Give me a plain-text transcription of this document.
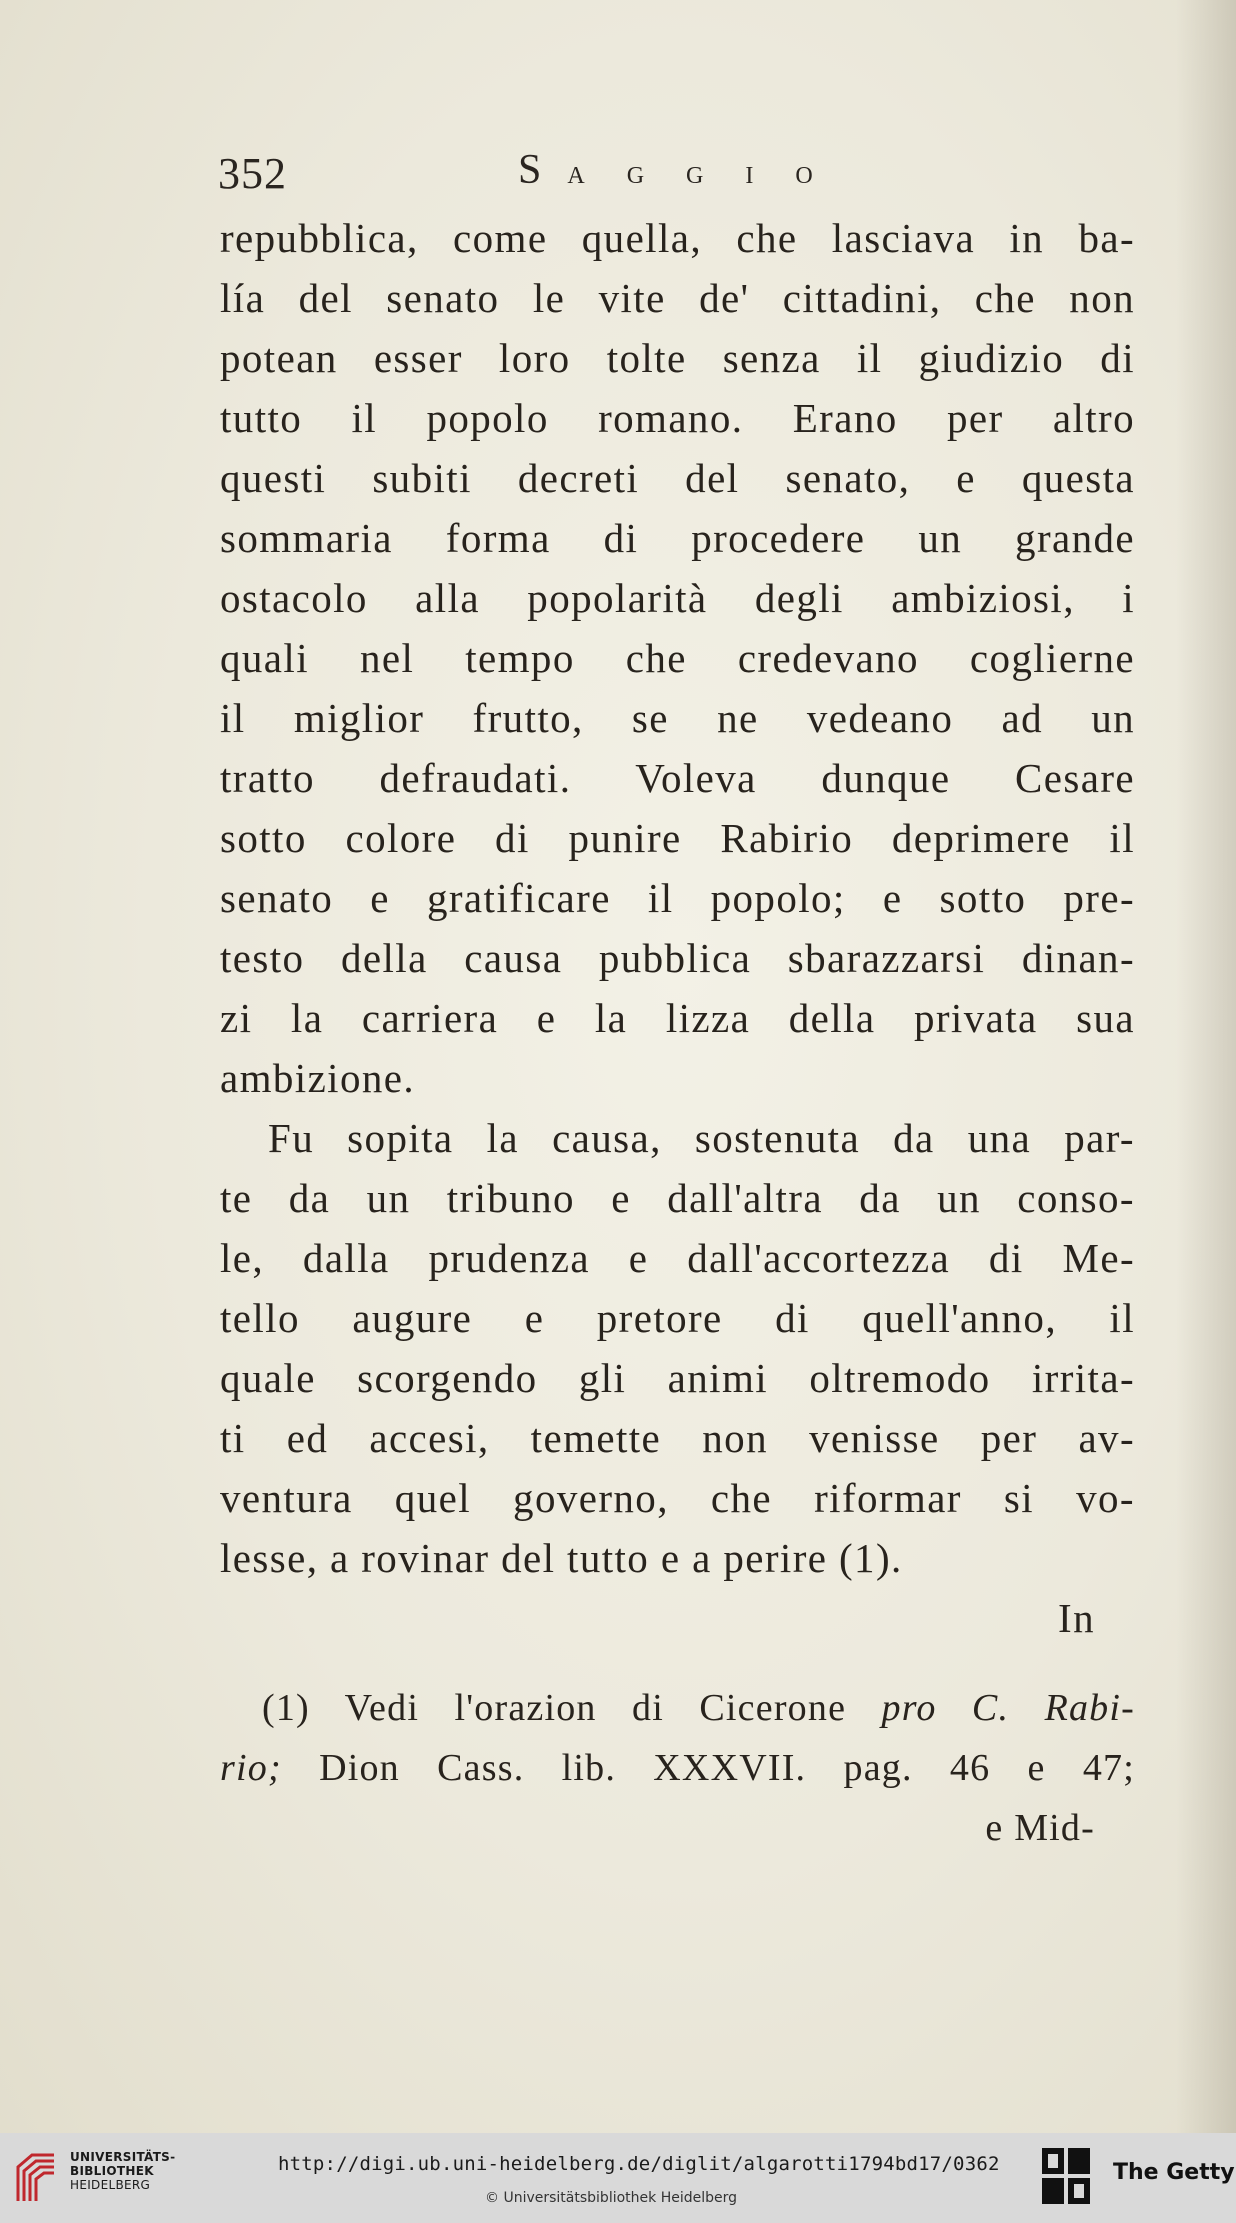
352	SAGGIO
repubblica, come quella, che lasciava in ba-
lía del senato le vite de' cittadini, che non
potean esser loro tolte senza il giudizio di
tutto il popolo romano. Erano per altro
questi subiti decreti del senato, e questa
sommaria forma di procedere un grande
ostacolo alla popolarità degli ambiziosi, i
quali nel tempo che credevano coglierne
il miglior frutto, se ne vedeano ad un
tratto defraudati. Voleva dunque Cesare
sotto colore di punire Rabirio deprimere il
senato e gratificare il popolo; e sotto pre-
testo della causa pubblica sbarazzarsi dinan-
zi la carriera e la lizza della privata sua
ambizione.
Fu sopita la causa, sostenuta da una par-
te da un tribuno e dall'altra da un conso-
le, dalla prudenza e dall'accortezza di Me-
tello augure e pretore di quell'anno, il
quale scorgendo gli animi oltremodo irrita-
ti ed accesi, temette non venisse per av-
ventura quel governo, che riformar si vo-
lesse, a rovinar del tutto e a perire (1).
In
(1) Vedi l'orazion di Cicerone pro C. Rabi-
rio; Dion Cass. lib. XXXVII. pag. 46 e 47;
e Mid-
UNIVERSITÄTS-
BIBLIOTHEK
HEIDELBERG
http://digi.ub.uni-heidelberg.de/diglit/algarotti1794bd17/0362
© Universitätsbibliothek Heidelberg
The Getty
